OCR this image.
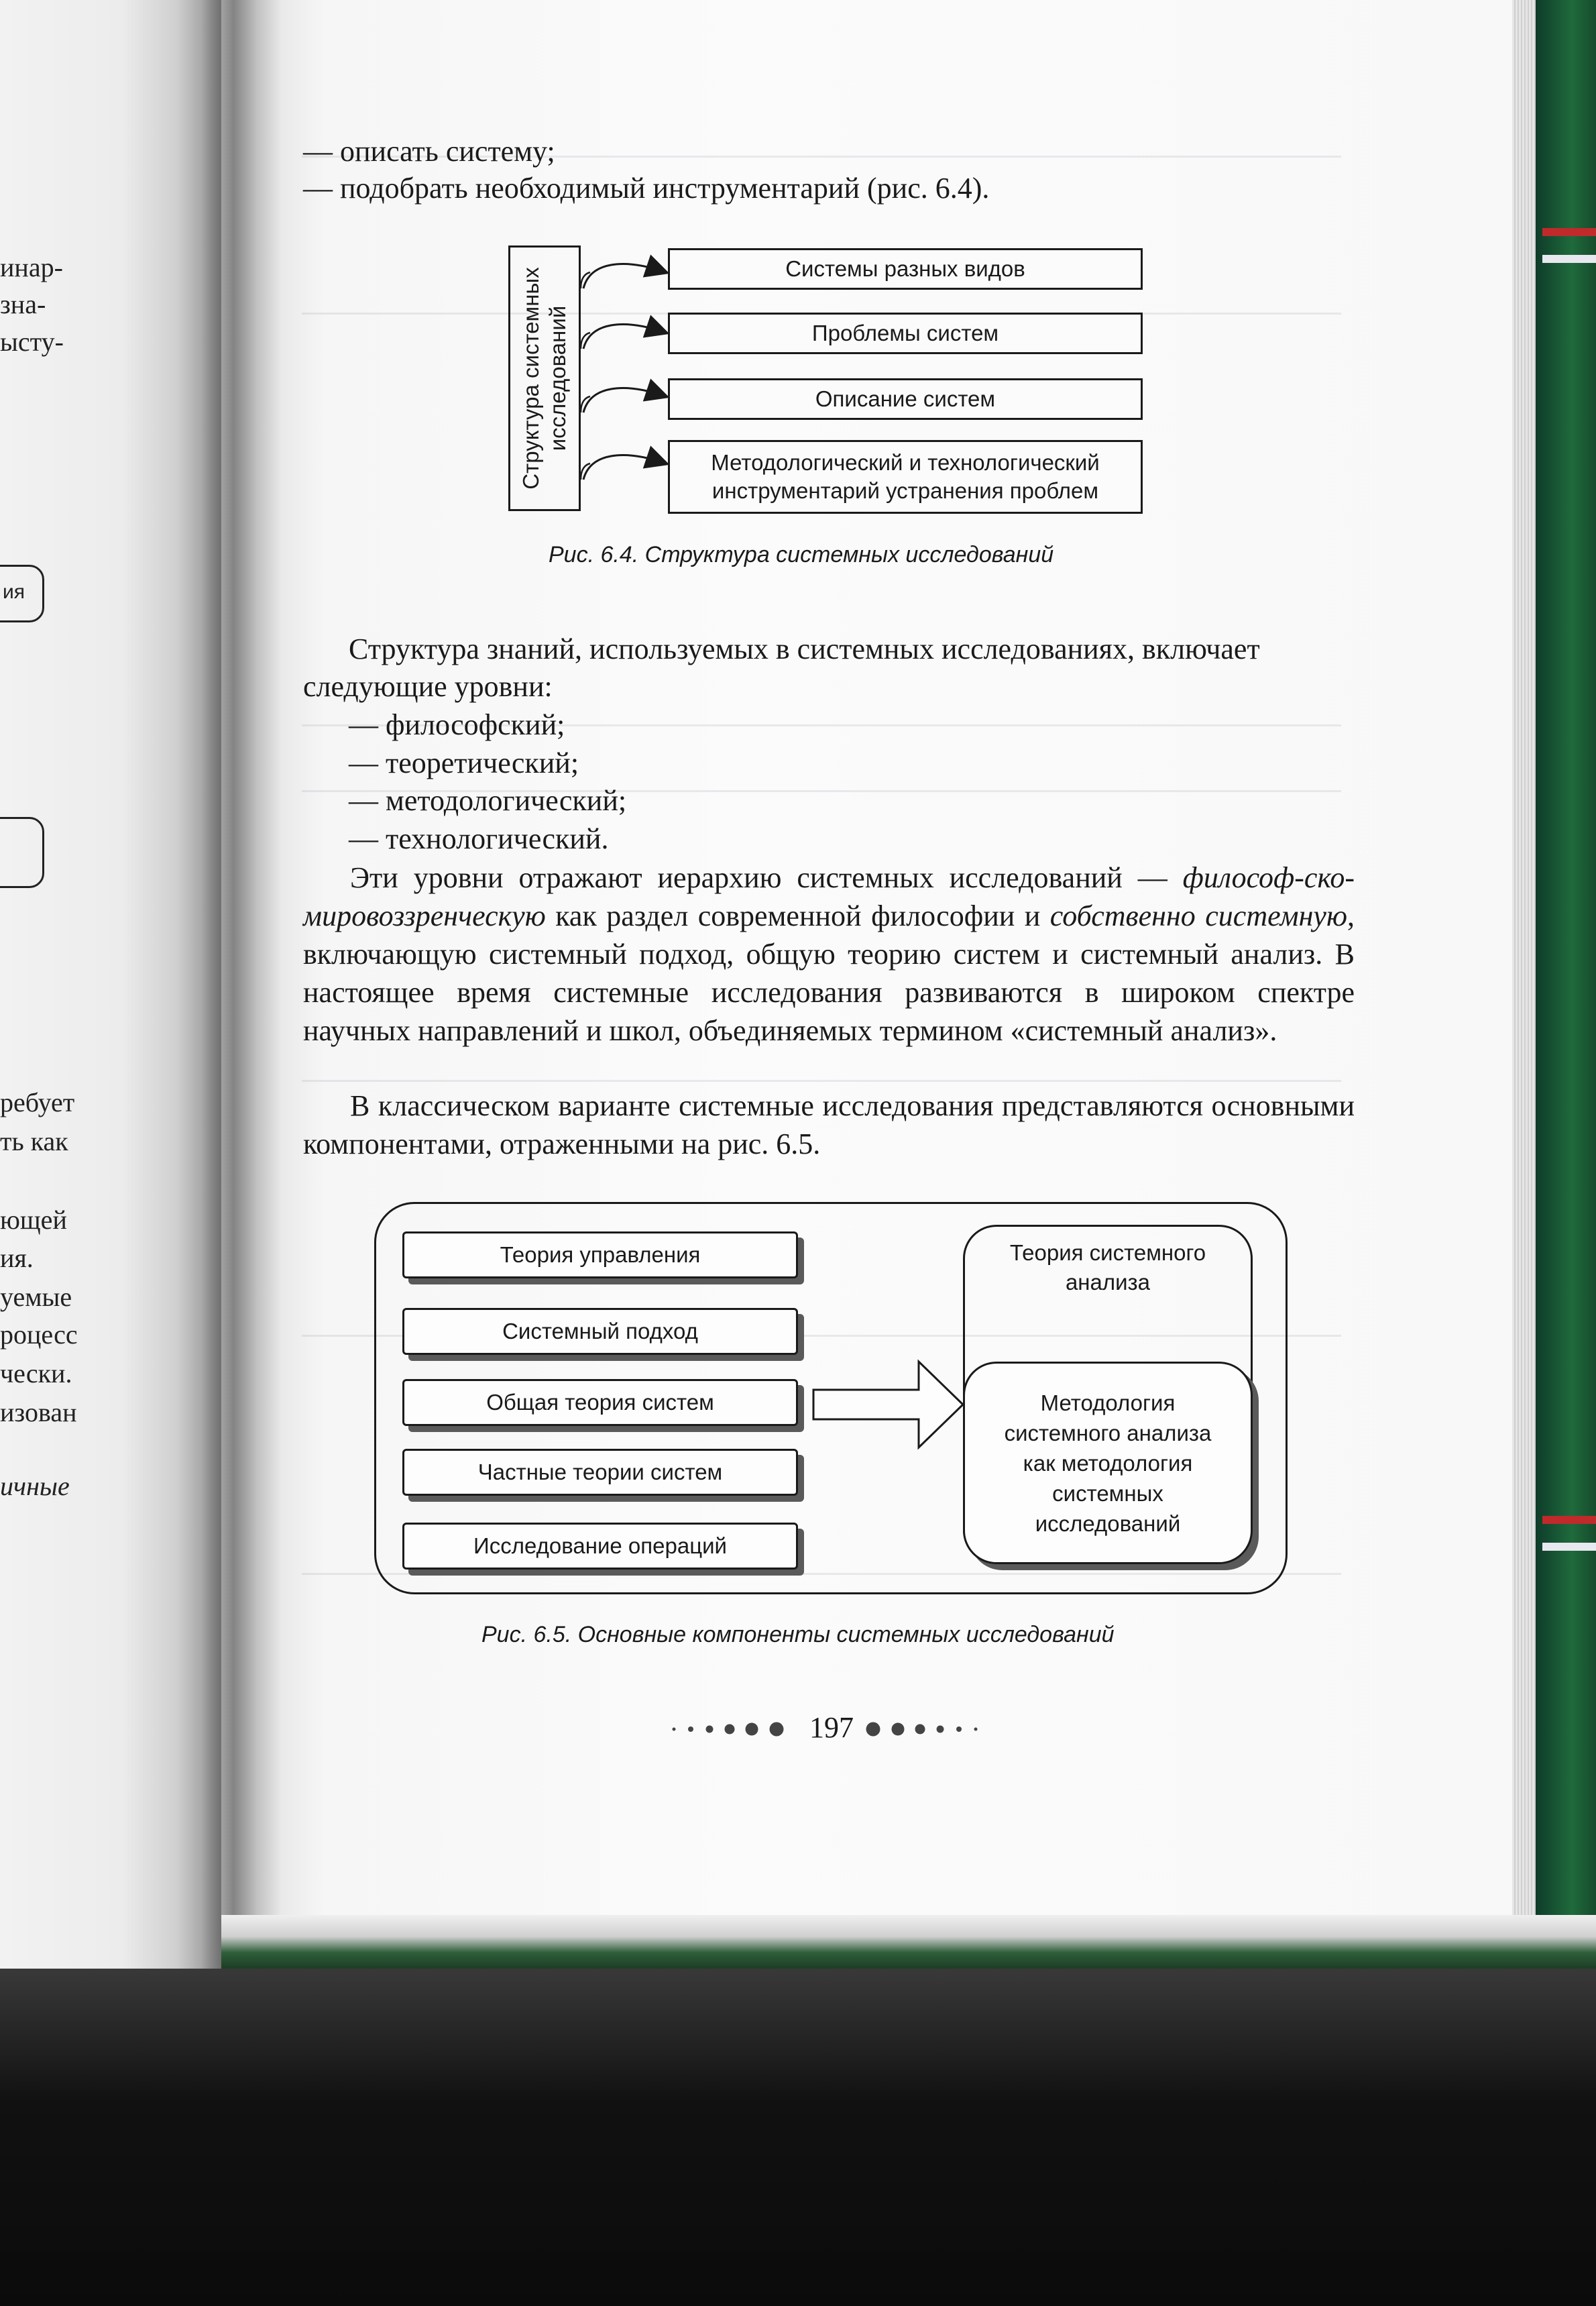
инар-
зна-
ысту-
ия
ребует
ть как
ющей
ия.
уемые
роцесс
чески.
изован
ичные
— описать систему;
— подобрать необходимый инструментарий (рис. 6.4).
Структура системных исследований
Системы разных видов
Проблемы систем
Описание систем
Методологический и технологический
инструментарий устранения проблем
Рис. 6.4. Структура системных исследований
Структура знаний, используемых в системных исследованиях, включает
следующие уровни:
— философский;
— теоретический;
— методологический;
— технологический.
Эти уровни отражают иерархию системных исследований — философ-ско-мировоззренческую как раздел современной философии и собственно системную, включающую системный подход, общую теорию систем и системный анализ. В настоящее время системные исследования развиваются в широком спектре научных направлений и школ, объединяемых термином «системный анализ».
В классическом варианте системные исследования представляются основными компонентами, отраженными на рис. 6.5.
Теория управления
Системный подход
Общая теория систем
Частные теории систем
Исследование операций
Теория системного
анализа
Методология
системного анализа
как методология
системных
исследований
Рис. 6.5. Основные компоненты системных исследований
197
